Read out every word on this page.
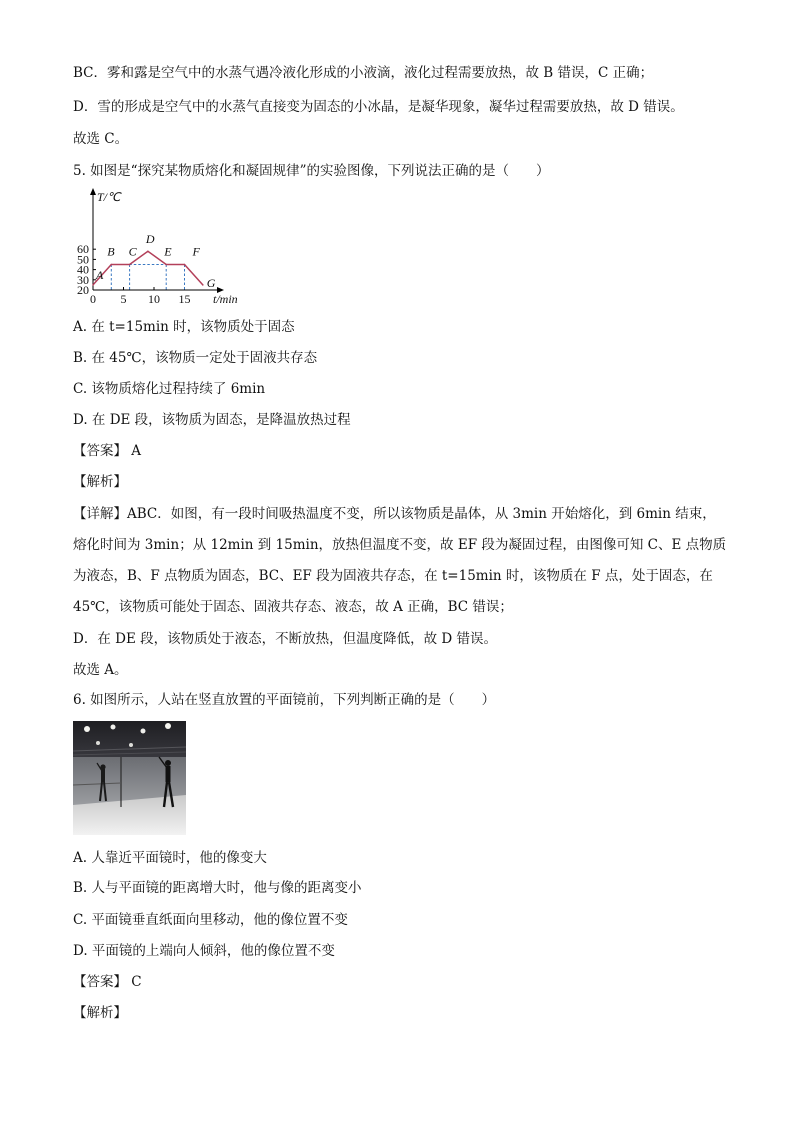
BC．雾和露是空气中的水蒸气遇冷液化形成的小液滴，液化过程需要放热，故 B 错误，C 正确；
D．雪的形成是空气中的水蒸气直接变为固态的小冰晶，是凝华现象，凝华过程需要放热，故 D 错误。
故选 C。
5. 如图是“探究某物质熔化和凝固规律”的实验图像，下列说法正确的是（　　）
20
30
40
50
60
0 5 10 15
T/℃
t/min
A
B C
D
E F
G
A. 在 t=15min 时，该物质处于固态
B. 在 45℃，该物质一定处于固液共存态
C. 该物质熔化过程持续了 6min
D. 在 DE 段，该物质为固态，是降温放热过程
【答案】 A
【解析】
【详解】ABC．如图，有一段时间吸热温度不变，所以该物质是晶体，从 3min 开始熔化，到 6min 结束，
熔化时间为 3min；从 12min 到 15min，放热但温度不变，故 EF 段为凝固过程，由图像可知 C、E 点物质
为液态，B、F 点物质为固态，BC、EF 段为固液共存态，在 t=15min 时，该物质在 F 点，处于固态，在
45℃，该物质可能处于固态、固液共存态、液态，故 A 正确，BC 错误；
D．在 DE 段，该物质处于液态，不断放热，但温度降低，故 D 错误。
故选 A。
6. 如图所示，人站在竖直放置的平面镜前，下列判断正确的是（　　）
A. 人靠近平面镜时，他的像变大
B. 人与平面镜的距离增大时，他与像的距离变小
C. 平面镜垂直纸面向里移动，他的像位置不变
D. 平面镜的上端向人倾斜，他的像位置不变
【答案】 C
【解析】
